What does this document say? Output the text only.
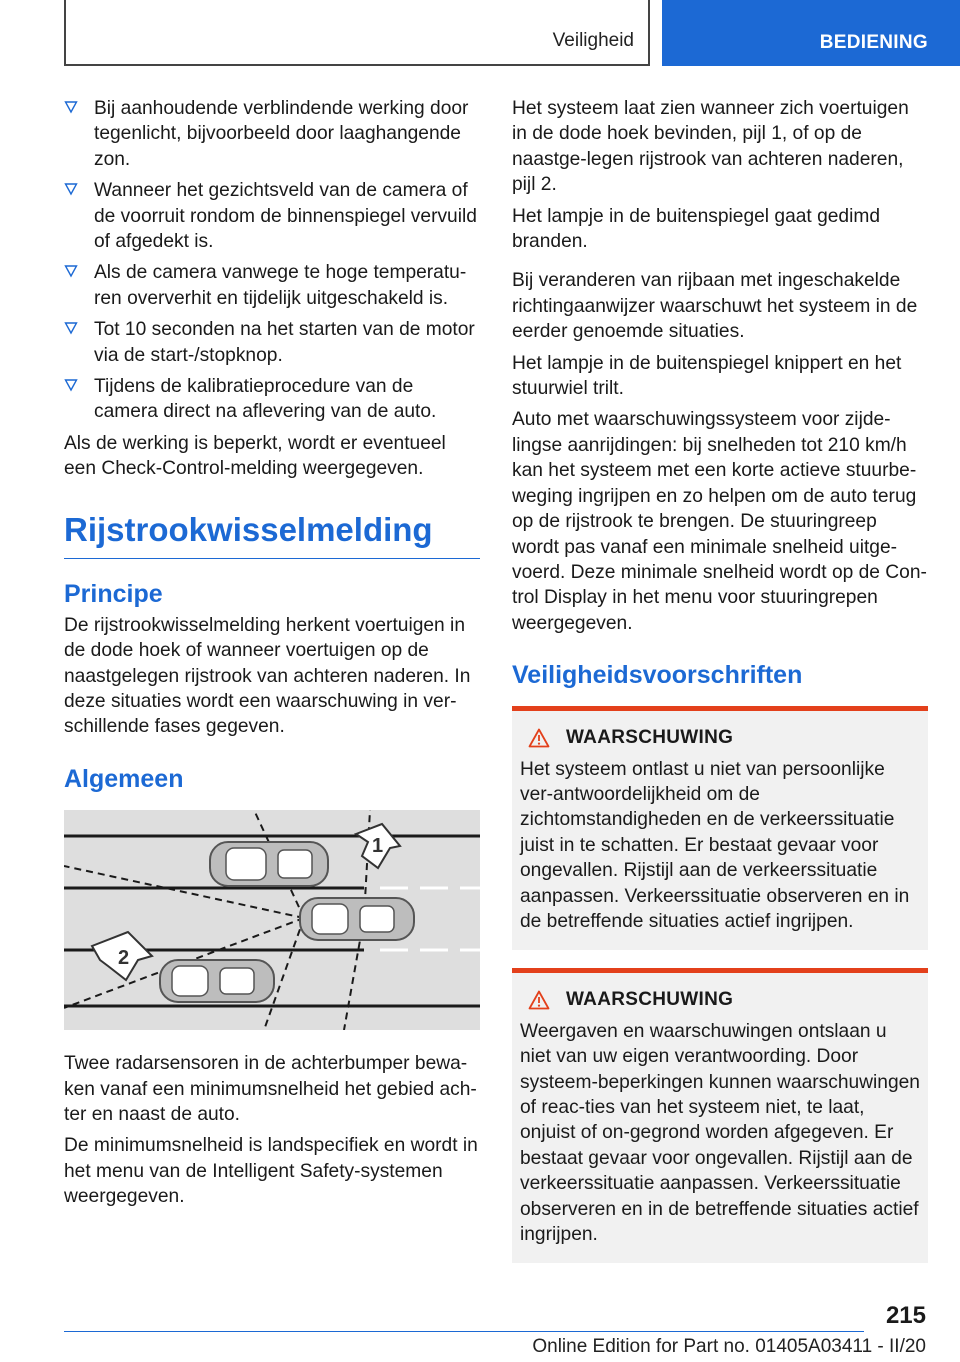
Veiligheid	BEDIENING
Bij aanhoudende verblindende werking door tegenlicht, bijvoorbeeld door laaghangende zon.
Wanneer het gezichtsveld van de camera of de voorruit rondom de binnenspiegel vervuild of afgedekt is.
Als de camera vanwege te hoge temperatu-ren oververhit en tijdelijk uitgeschakeld is.
Tot 10 seconden na het starten van de motor via de start-/stopknop.
Tijdens de kalibratieprocedure van de camera direct na aflevering van de auto.

Als de werking is beperkt, wordt er eventueel een Check-Control-melding weergegeven.

Rijstrookwisselmelding
Principe

De rijstrookwisselmelding herkent voertuigen in de dode hoek of wanneer voertuigen op de naastgelegen rijstrook van achteren naderen. In deze situaties wordt een waarschuwing in ver-schillende fases gegeven.

Algemeen
1
2

Twee radarsensoren in de achterbumper bewa-ken vanaf een minimumsnelheid het gebied ach-ter en naast de auto.

De minimumsnelheid is landspecifiek en wordt in het menu van de Intelligent Safety-systemen weergegeven.

Het systeem laat zien wanneer zich voertuigen in de dode hoek bevinden, pijl 1, of op de naastge-legen rijstrook van achteren naderen, pijl 2.

Het lampje in de buitenspiegel gaat gedimd branden.

Bij veranderen van rijbaan met ingeschakelde richtingaanwijzer waarschuwt het systeem in de eerder genoemde situaties.

Het lampje in de buitenspiegel knippert en het stuurwiel trilt.

Auto met waarschuwingssysteem voor zijde-lingse aanrijdingen: bij snelheden tot 210 km/h kan het systeem met een korte actieve stuurbe-weging ingrijpen en zo helpen om de auto terug op de rijstrook te brengen. De stuuringreep wordt pas vanaf een minimale snelheid uitge-voerd. Deze minimale snelheid wordt op de Con-trol Display in het menu voor stuuringrepen weergegeven.

Veiligheidsvoorschriften
WAARSCHUWING

Het systeem ontlast u niet van persoonlijke ver-antwoordelijkheid om de zichtomstandigheden en de verkeerssituatie juist in te schatten. Er bestaat gevaar voor ongevallen. Rijstijl aan de verkeerssituatie aanpassen. Verkeerssituatie observeren en in de betreffende situaties actief ingrijpen.

WAARSCHUWING

Weergaven en waarschuwingen ontslaan u niet van uw eigen verantwoording. Door systeem-beperkingen kunnen waarschuwingen of reac-ties van het systeem niet, te laat, onjuist of on-gegrond worden afgegeven. Er bestaat gevaar voor ongevallen. Rijstijl aan de verkeerssituatie aanpassen. Verkeerssituatie observeren en in de betreffende situaties actief ingrijpen.

215
Online Edition for Part no. 01405A03411 - II/20
